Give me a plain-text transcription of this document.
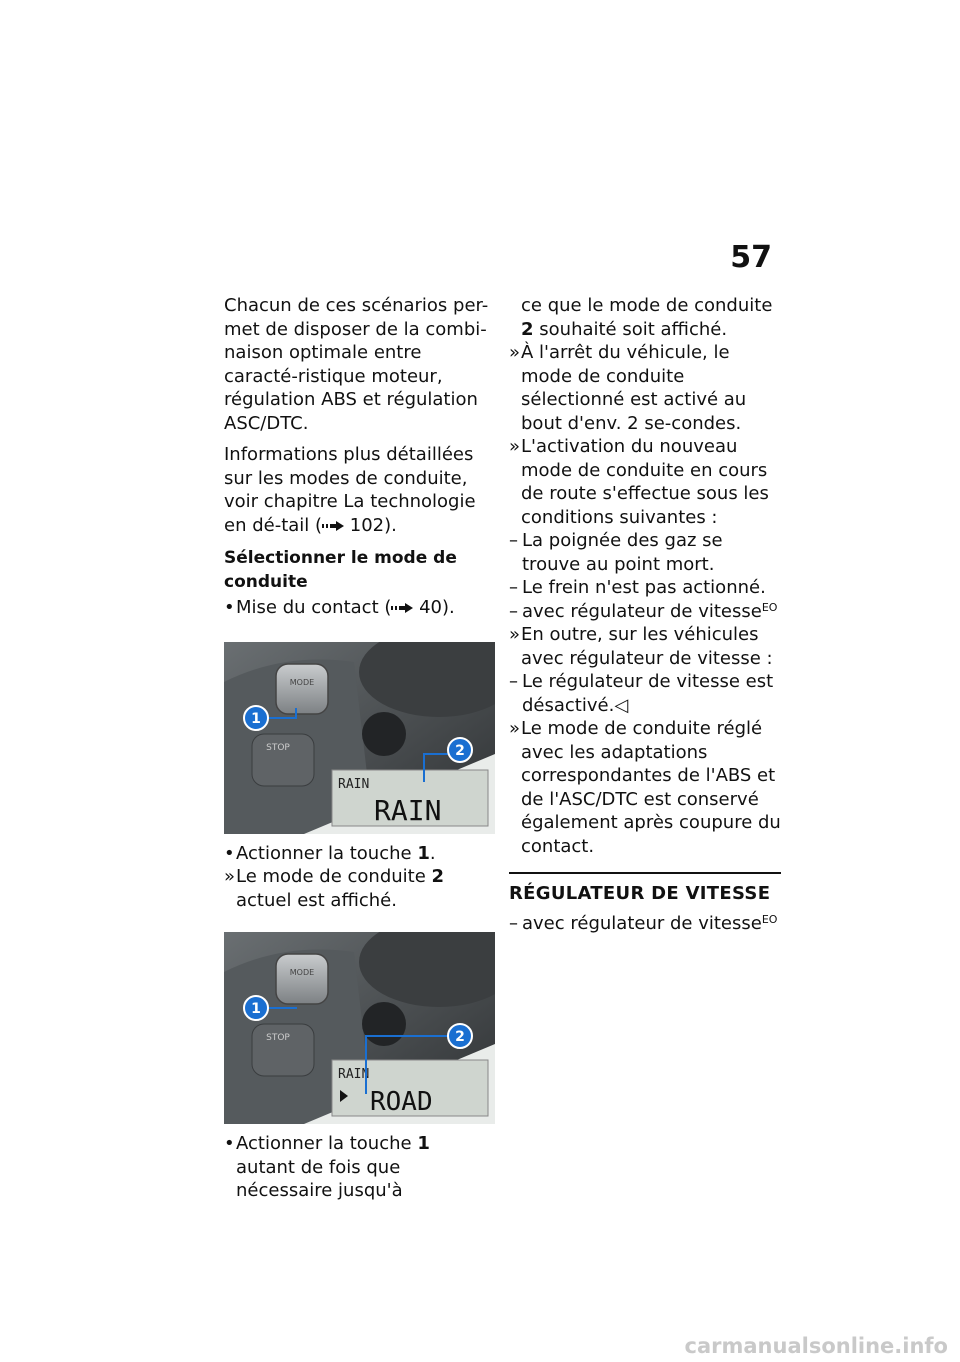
57

Chacun de ces scénarios per-met de disposer de la combi-naison optimale entre caracté-ristique moteur, régulation ABS et régulation ASC/DTC.

Informations plus détaillées sur les modes de conduite, voir chapitre La technologie en dé-tail ( 102).

Sélectionner le mode de conduite
• Mise du contact ( 40).
MODE
STOP
RAIN
RAIN
1
2
• Actionner la touche 1.
» Le mode de conduite 2 actuel est affiché.
MODE
STOP
RAIN
ROAD
1
2
• Actionner la touche 1 autant de fois que nécessaire jusqu'à
ce que le mode de conduite 2 souhaité soit affiché.
» À l'arrêt du véhicule, le mode de conduite sélectionné est activé au bout d'env. 2 se-condes.
» L'activation du nouveau mode de conduite en cours de route s'effectue sous les conditions suivantes :
– La poignée des gaz se trouve au point mort.
– Le frein n'est pas actionné.
– avec régulateur de vitesse$^{EO}$
» En outre, sur les véhicules avec régulateur de vitesse :
– Le régulateur de vitesse est désactivé.◁
» Le mode de conduite réglé avec les adaptations correspondantes de l'ABS et de l'ASC/DTC est conservé également après coupure du contact.
RÉGULATEUR DE VITESSE
– avec régulateur de vitesse$^{EO}$
carmanualsonline.info
